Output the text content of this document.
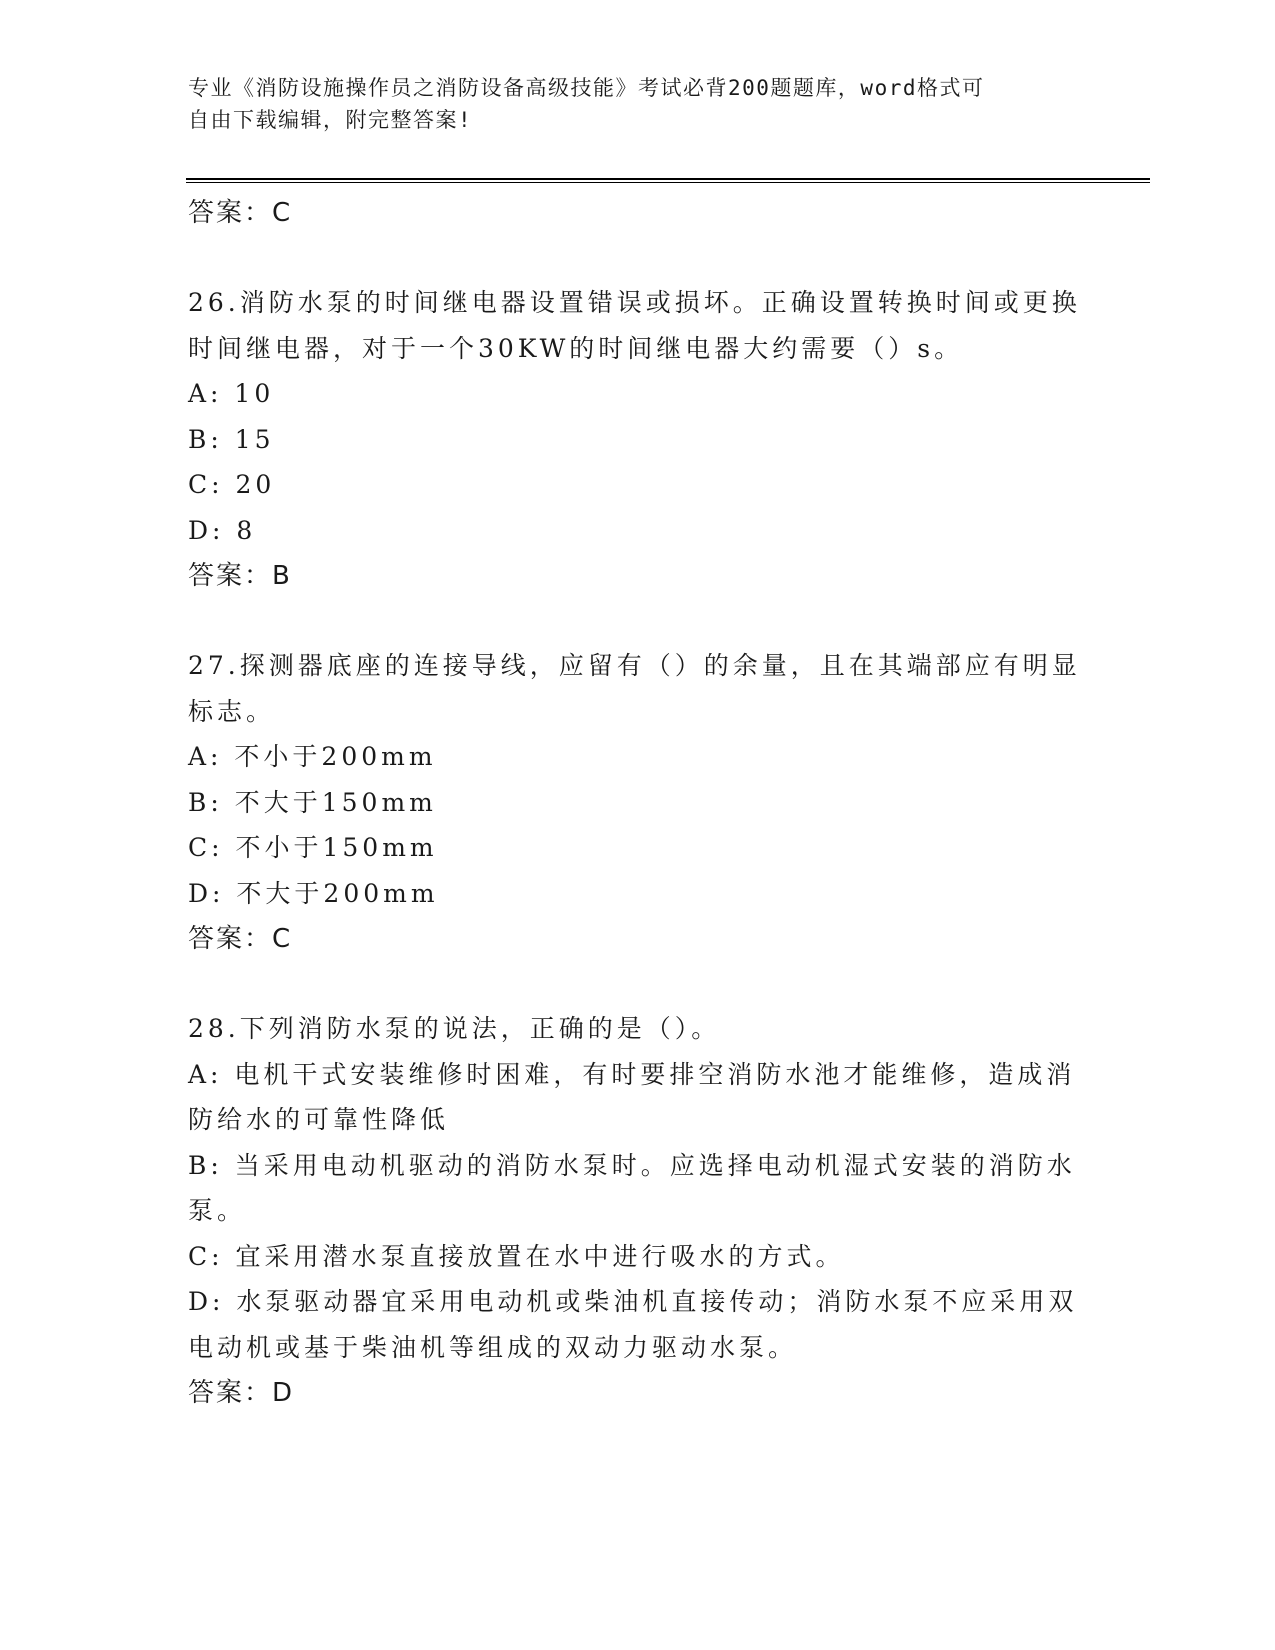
专业《消防设施操作员之消防设备高级技能》考试必背200题题库，word格式可
自由下载编辑，附完整答案!
答案：C
26.消防水泵的时间继电器设置错误或损坏。正确设置转换时间或更换时间继电器，对于一个30KW的时间继电器大约需要（）s。
A: 10
B: 15
C: 20
D: 8
答案：B
27.探测器底座的连接导线，应留有（）的余量，且在其端部应有明显标志。
A: 不小于200mm
B: 不大于150mm
C: 不小于150mm
D: 不大于200mm
答案：C
28.下列消防水泵的说法，正确的是（）。
A: 电机干式安装维修时困难，有时要排空消防水池才能维修，造成消防给水的可靠性降低
B: 当采用电动机驱动的消防水泵时。应选择电动机湿式安装的消防水泵。
C: 宜采用潜水泵直接放置在水中进行吸水的方式。
D: 水泵驱动器宜采用电动机或柴油机直接传动；消防水泵不应采用双电动机或基于柴油机等组成的双动力驱动水泵。
答案：D
